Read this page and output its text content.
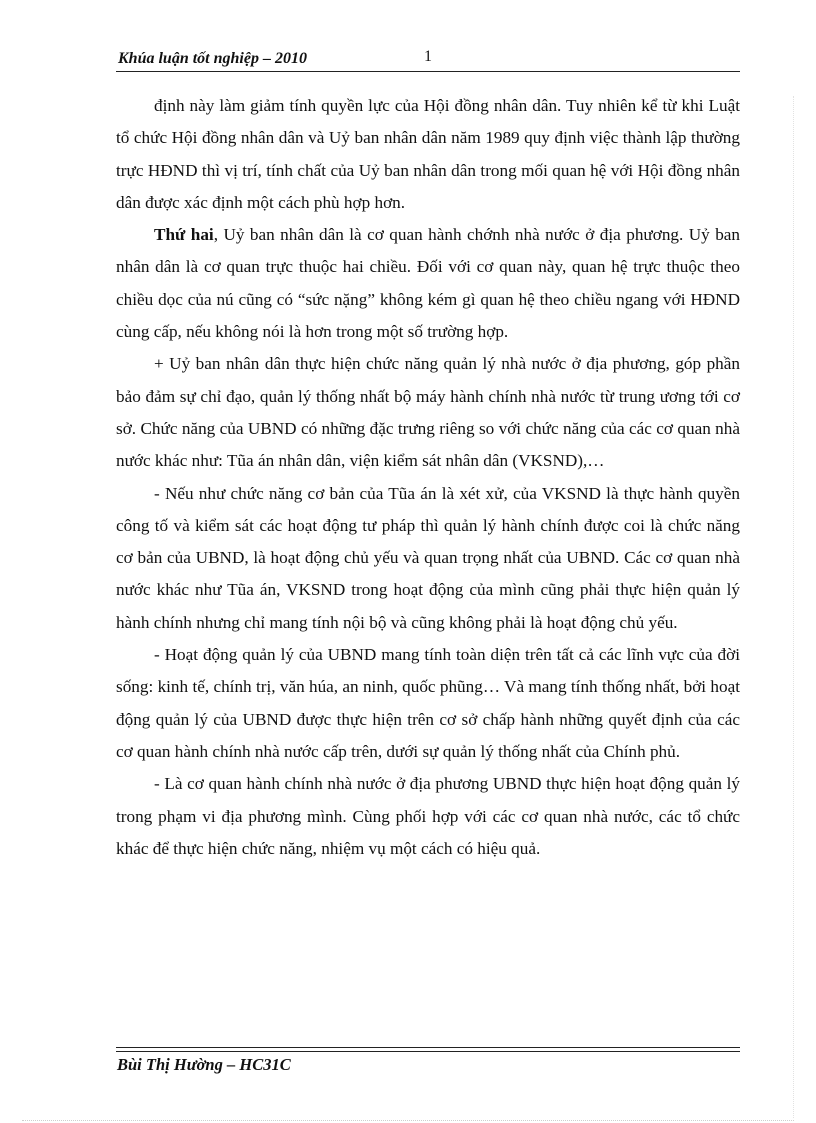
Khúa luận tốt nghiệp – 2010	1

định này làm giảm tính quyền lực của Hội đồng nhân dân. Tuy nhiên kể từ khi Luật tổ chức Hội đồng nhân dân và Uỷ ban nhân dân năm 1989 quy định việc thành lập thường trực HĐND thì vị trí, tính chất của Uỷ ban nhân dân trong mối quan hệ với Hội đồng nhân dân được xác định một cách phù hợp hơn.

Thứ hai, Uỷ ban nhân dân là cơ quan hành chớnh nhà nước ở địa phương. Uỷ ban nhân dân là cơ quan trực thuộc hai chiều. Đối với cơ quan này, quan hệ trực thuộc theo chiều dọc của nú cũng có “sức nặng” không kém gì quan hệ theo chiều ngang với HĐND cùng cấp, nếu không nói là hơn trong một số trường hợp.

+ Uỷ ban nhân dân thực hiện chức năng quản lý nhà nước ở địa phương, góp phần bảo đảm sự chỉ đạo, quản lý thống nhất bộ máy hành chính nhà nước từ trung ương tới cơ sở. Chức năng của UBND có những đặc trưng riêng so với chức năng của các cơ quan nhà nước khác như: Tũa án nhân dân, viện kiểm sát nhân dân (VKSND),…

- Nếu như chức năng cơ bản của Tũa án là xét xử, của VKSND là thực hành quyền công tố và kiểm sát các hoạt động tư pháp thì quản lý hành chính được coi là chức năng cơ bản của UBND, là hoạt động chủ yếu và quan trọng nhất của UBND. Các cơ quan nhà nước khác như Tũa án, VKSND trong hoạt động của mình cũng phải thực hiện quản lý hành chính nhưng chỉ mang tính nội bộ và cũng không phải là hoạt động chủ yếu.

- Hoạt động quản lý của UBND mang tính toàn diện trên tất cả các lĩnh vực của đời sống: kinh tế, chính trị, văn húa, an ninh, quốc phũng… Và mang tính thống nhất, bởi hoạt động quản lý của UBND được thực hiện trên cơ sở chấp hành những quyết định của các cơ quan hành chính nhà nước cấp trên, dưới sự quản lý thống nhất của Chính phủ.

- Là cơ quan hành chính nhà nước ở địa phương UBND thực hiện hoạt động quản lý trong phạm vi địa phương mình. Cùng phối hợp với các cơ quan nhà nước, các tổ chức khác để thực hiện chức năng, nhiệm vụ một cách có hiệu quả.

Bùi Thị Hường – HC31C
